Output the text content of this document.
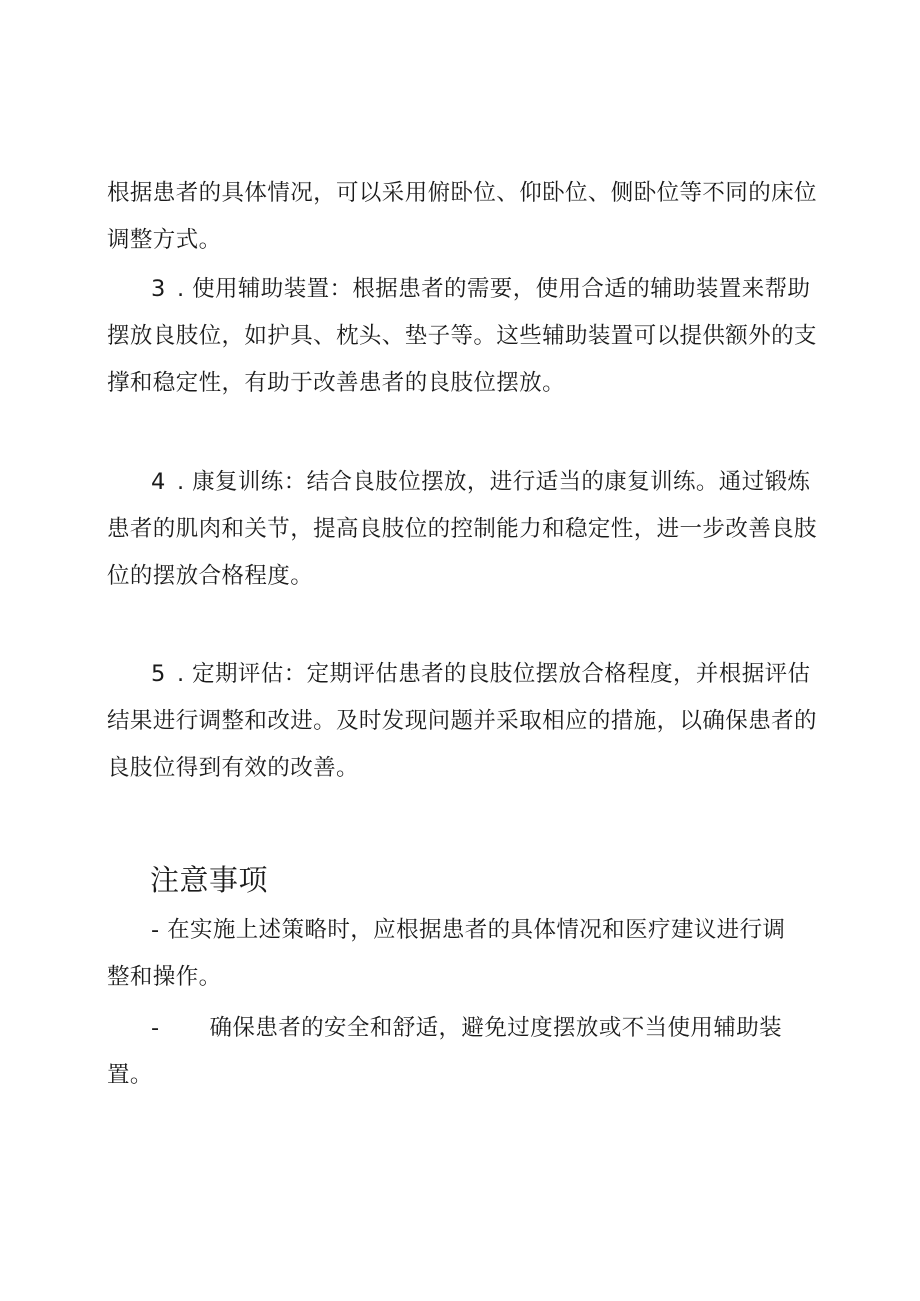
根据患者的具体情况，可以采用俯卧位、仰卧位、侧卧位等不同的床位
调整方式。

3 . 使用辅助装置：根据患者的需要，使用合适的辅助装置来帮助
摆放良肢位，如护具、枕头、垫子等。这些辅助装置可以提供额外的支
撑和稳定性，有助于改善患者的良肢位摆放。

4 . 康复训练：结合良肢位摆放，进行适当的康复训练。通过锻炼
患者的肌肉和关节，提高良肢位的控制能力和稳定性，进一步改善良肢
位的摆放合格程度。

5 . 定期评估：定期评估患者的良肢位摆放合格程度，并根据评估
结果进行调整和改进。及时发现问题并采取相应的措施，以确保患者的
良肢位得到有效的改善。

注意事项

- 在实施上述策略时，应根据患者的具体情况和医疗建议进行调
整和操作。

- 确保患者的安全和舒适，避免过度摆放或不当使用辅助装
置。
